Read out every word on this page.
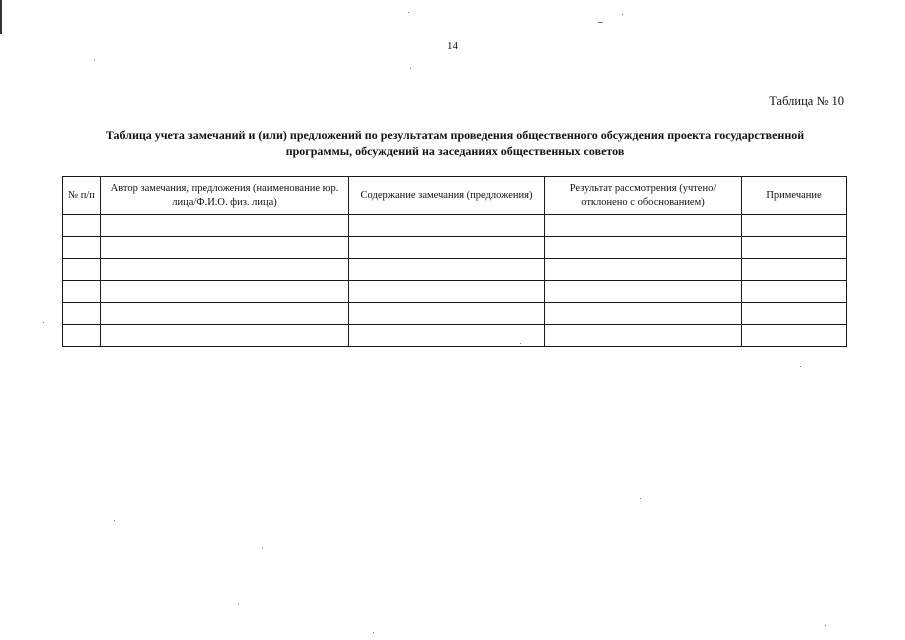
14
Таблица № 10
Таблица учета замечаний и (или) предложений по результатам проведения общественного обсуждения проекта государственной
программы, обсуждений на заседаниях общественных советов
№ п/п	Автор замечания, предложения (наименование юр. лица/Ф.И.О. физ. лица)	Содержание замечания (предложения)	Результат рассмотрения (учтено/отклонено с обоснованием)	Примечание
